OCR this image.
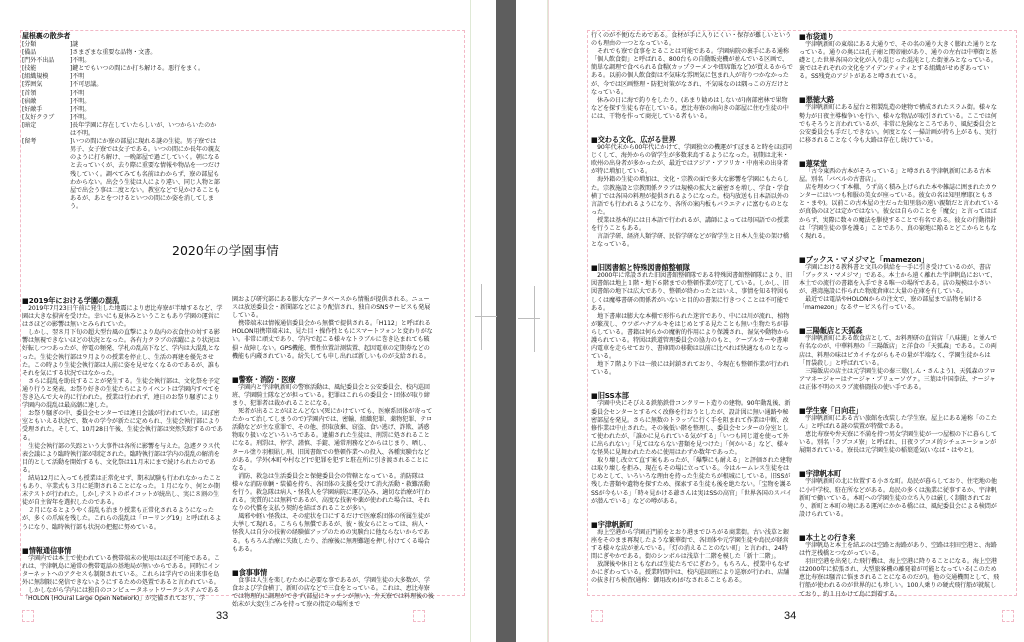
屋根裏の散歩者
[分類	]謎
[備品	]さまざまな重要な品物・文書。
[門外不出品	]不明。
[技能	]鍵とでもいつの間にか打ち解ける。悪行をまく。
[組織規模	]不明
[雰囲気	]不可思議。
[首領	]不明
[宿敵	]不明。
[好敵手	]不明。
[友好クラブ	]不明。
[暗定	]長年学園に存在していたらしいが、いつからいたのかは不明。
[留考	]いつの間にか寮の部屋に現れる謎の生徒。男子寮では男子、女子寮では女子である。いつの間にか長年の親友のように打ち解け、一晩部屋で過ごしていく。朝になると去っていくが、去り際に重要な情報や物品を一つだけ残していく。調べてみても名前はわからず、寮の部屋もわからない。出会う生徒は人により違い、同じ人物と部屋で出会う事は二度とない。教室などで見かけることもあるが、あとをつけるといつの間にか姿を消してしまう。
2020年の学園事情
■2019年における学園の混乱

2019年7月23日午前に発生した地震により恵比寿寮が半壊するなど、学園は大きな損害を受けた。幸いにも夏休みということもあり学園の運営にはさほどの影響は無いとみられていた。

しかし、翌８月下旬の超大型台風の直撃により島内の衣食住の対する影響は無視できないほどの状況となった。各有力クラブの活躍により状況は好転しつつあったが、停電の頻発、学札の乱高下など、学内は大混乱となった。生徒会執行部は９月よりの授業を停止し、生活の再建を優先させた。この時より生徒会執行部は人前に姿を見せなくなるのであるが、誰もそれを気にする状況ではなかった。

さらに混乱を助長することが発生する。生徒会執行部は、文化祭を予定通り行うと発表。お祭り好きの生徒たちによりイベントは学園内すべてを巻き込んで大々的に行われた。授業は行われず、連日のお祭り騒ぎにより学園内の混乱は最高潮に達した。

お祭り騒ぎの中、委員会センターでは連日会議が行われていた。ほぼ密室ともいえる状況で、数々の学令が新たに定められ、生徒会執行部により受理された。そして、10月28日午後、生徒会執行部は突然失踪するのである。

生徒会執行部の失踪という大事件は各所に影響を与えた。急遽クラス代表会議により臨時執行部が制定された。臨時執行部は学内の混乱の解消を目的として活動を開始するも、文化祭は11月末にまで続けられたのである。

結局12月に入っても授業は正常化せず、期末試験も行われなかったこともあり、卒業式も３月に延期されることになった。１月になり、何とか期末テストが行われた。しかしテストのボイコットが続出し、実に８割の生徒が自主留年を選択したのである。

２月になるとようやく混乱も治まり授業も正常化されるようになったが、多くの爪痕を残した。これらの混乱は「ローリング19」と呼ばれるようになり、臨時執行部も状況の把握に努めている。

■情報通信事情

学園内では本土で使われている携帯端末の使用はほぼ不可能である。これは、宇津帆島に通常の携帯電話の基地局が無いからである。同時にインターネットへのアクセスも制限されている。これらは学内での出来事を島外に無制限に発信できないようにするための処置であると言われている。

しかしながら学内には独自のコンピュータネットワークシステムである「HOLON (HOural Large Open Network)」が完備されており、学

園および研究部にある膨大なデータベースから情報が提供される。ニュースは放送委員会・新聞部などにより配信され、独自のSNSサービスも発展している。

携帯端末は情報通信委員会から無償で提供される。「H112」と呼ばれるHOLON用携帯端末は、見た目・操作性ともにスマートフォンと変わりがない。非常に頑丈であり、学内で起こる様々なトラブルに巻き込まれても破損・故障しない。GPS機能、慣性位置計測装置、起因電車の定期券などの機能も内蔵されている。紛失しても申し出れば新しいものが支給される。

■警察・消防・医療

学園内と宇津帆新町の警察活動は、風紀委員会と公安委員会、校内巡回班、学園騎士隊などが担っている。犯罪はこれらの委員会・団体が取り締まり、犯罪者は裁かれることになる。

死者が出ることがほとんどない(死にかけていても、医療系団体が寄ってたかって治してしまうので)学園内では、密輸、組織犯罪、薬物犯罪、テロ活動などが主な重罪で、その他、摂取放棄、窃盗、食い逃げ、詐欺、誘惑物取り扱いなどいろいろである。逮捕された生徒は、刑罰に処されることになる。刑罰は、停学、謹慎、手錠、通常刑務などからはじまり、晒し、タール塗り羽根貼し刑、旧図書館での整頓作業への投入、各種実験台などがある。学外(本町や村など)で犯罪を犯すと駐在所に引き渡されることになる。

消防、救急は生活委員会と保健委員会の管轄となっている。消防隊は様々な消防車輌・装備を持ち、各団体の支援を受けて消火活動・救難活動を行う。救急隊は病人・怪我人を学園病院に運び込み、適切な治療が行われる。実質的には無料であるが、高度な技術や薬が使われた場合は、それなりの代償を支払う契約を結ばされることが多い。

風邪や軽い怪我は、その症状を口にするだけで医療系団体の所属生徒が大挙して現れる。こちらも無償であるが、彼・彼女らにとっては、病人・怪我人は自分の技術の経験値アップのための実験台に他ならないからである。もちろん治療に失敗したり、治療後に無理難題を押し付けてくる場合もある。

■食事事情

食事は人生を楽しむために必要な事であるが、学園生徒の大多数が、学食および学食横丁、新町の店などで三食をとっている。これは、恵比寿寮では物理的に調理ができず(部屋にキッチンが無い)、弁天寮では料理後の後始末が大変(生ごみを持って寮の指定の場所まで

33

行くのが不便)なためである。食材が手に入りにくい・保存が難しいというのも理由の一つとなっている。

それでも寮で食事をとることは可能である。学園病院の裏手にある通称「個人飲食街」と呼ばれる、800台もの自動販売機が並んでいる区画で、簡単な調理で食べられる食糧(カップラーメンや即席飯など)が買えるからである。以前の個人飲食街は不気味な雰囲気に包まれ人が寄りつかなかったが、今では区画整理・防犯対策がなされ、不気味なのは隅っこの方だけとなっている。

休みの日に海で釣りをしたり、(あまり勧めはしないが)南部密林で果物などを探す生徒も存在している。恵比寿寮の南向きの部屋に住む生徒の中には、干物を作って商売している者もいる。

■交わる文化、広がる世界

90年代末から00年代にかけて、学園独立の機運がすぼまると時をほぼ同じくして、海外からの留学生が多数来島するようになった。初期は北米・欧州の出身者が多かったが、最近ではアジア・アフリカ・中南米の出身者が特に増加している。

海外籍の生徒の増加は、文化・宗教の面で多大な影響を学園にもたらした。宗教施設と宗教関係クラブは規模の拡大と厳密さを増し、学食・学食横丁では各国の料理が提供されるようになった。校内放送も日本語以外の言語でも行われるようになり、各所の案内板もバラエティに富むものとなった。

授業は基本的には日本語で行われるが、講師によっては母国語での授業を行うこともある。

言語学研、経済人類学研、民俗学研などが留学生と日本人生徒の架け橋となっている。

■旧図書館と特殊図書館整頓隊

2000年に常設された旧図書館整頓隊である特殊図書館整頓隊により、旧図書館は地上１階・地下６階までの整頓作業が完了している。しかし、旧図書館の地下は広大であり、整頓が終わったとはいえ、事情を知る特図もしくは魔導書研の関係者がいないと目的の書架に行きつくことは不可能である。

地下書庫は膨大な本棚で形作られた迷宮であり、中には川が流れ、植物が繁茂し、ウツボハナアルキをはじめとする見たことも無い生物たちが暮らしている。書籍は何らかの魔術的作用により保護され、湿気や動物から護られている。特図は鉄道管理委員会の協力のもと、ケーブルカーや書庫内電車を走らせており、書庫間の移動は以前に比べれば快適なものとなっている。

地下７階より下は一般には封鎖されており、今現在も整頓作業が行われている。

■旧SS本部

学園中央にそびえる鉄筋鉄骨コンクリート造りの建物。90年動乱後、新委員会センターとするべく改修を行おうとしたが、設計図に無い通路や秘密部屋を発見。さらに無数のトラップに行く手を阻まれて作業は中断、改修作業は中止された。その後低い階を整理し、委員会センターの分室として使われたが、「誰かに見られている気がする」「いつも同じ道を使って外に出られない」「見てはならない書類を見つけた」「何かいる」など、様々な怪異に見舞われたために使用はわずか数年であった。

取り壊し改立て直す案もあったが、「爆撃にも耐える」と評価された建物は取り壊しを拒み、現在もその場に立っている。今はルームレス生徒をはじめとして、いろいろな理由を持った生徒たちが根城にしている。旧SSが残した書類や遺物を探すため、探索する生徒も後を絶たない。「宝物を護るSSが今もいる」「時々見かける爺さんは実はSSの高官」「世界各国のスパイが潜んでいる」などの噂がある。

■宇津帆新町

海上空港から学園正門前をとおり港までひろがる商業街。古い浅草と銀座をそのまま再現したような繁華街で、各団体や元学園生徒や島民が経営する様々な店が並んでいる。「灯の消えることのない町」と言われ、24時間にぎやかである。街のシンボルは浅草十二階を模した「新十二階」。

放課後や休日ともなれば生徒たちでにぎわう。もちろん、授業中もなぜかにぎわっている。授業時間中は、校内巡回班により巡察が行われ、店舗の抜き打ち検査(通称：御用改め)がなされることもある。

■布袋通り

宇津帆新町の東端にある大通りで、その名の通り大きく膨れた通りとなっている。通りの奥には孔子廟と関帝廟があり、通りの左右は中華街と基礎とした世界各国の文化が入り混じった混沌とした街並みとなっている。裏ではそれぞれの文化をアイデンティティとする組織がせめぎあっている。SS残党のアジトがあると噂されている。

■悪徳大路

宇津帆新町にある屋台と粗製乱造の建物で構成されたスラム街。様々な勢力が日夜主導権争いを行い、様々な物品が取引されている。ここでは何でもそろうと言われているが、非常に危険なところであり、風紀委員会と公安委員会も手だしできない。何度となく一掃計画が持ち上がるも、実行に移されることなく今も大路は存在し続けている。

■蓮栞堂

「古今東西の古本がそろっている」と噂される宇津帆新町にある古本屋。別名「バベルの古書店」。

店を埋めつくす本棚、うず高く積み上げられた本や雑誌に囲まれたカウンターにはいつも和服の美女が座っている。彼女の名は知里摩耶(ともさと・まや)。以前この古本屋の主だった知里翁の遠い親類だと言われているが真偽のほどは定かではない。彼女は自らのことを「魔女」と言ってはばからず、実際に数々の魔法を駆使することで有名である。彼女の行動指針は「学園生徒の事を護る」ことであり、真の窮地に陥るとどこからともなく現れる。

■ブックス・マメジマと「mamezon」

学園における教科書と文具の供給を一手に引き受けているのが、書店「ブックス・マメジマ」である。本土から遠く離れた宇津帆島において、本土での流行の書籍を入手できる唯一の場所である。店の規模は小さいが、港湾施設に作られた物流倉庫に大量の在庫を有している。

最近では電話やHOLONからの注文で、寮の部屋まで品物を届ける「mamezon」なるサービスも行っている。

■三陽飯店と天狐森

宇津帆新町にある飲食店として、お料理研の直営店「八味闇」と並んで有名なのが、中華料理の「三陽飯店」と洋食の「天狐森」である。この両店は、料理の味はピカイチながらもその量が半端なく、学園生徒からは「胃袋殺し」と呼ばれている。

三陽飯店の店主は元学園生徒の秦三葉(しん・さんよう)、天狐森のフロアマネージャーはナージャ・ブリューソヴァ。三葉は中国拳法、ナージャは正体不明のスラブ流格闘技の使い手である。

■学生寮「日向荘」

宇津帆新町にある古い旅館を改装した学生寮。屋上にある通称「のこたん」と呼ばれる謎の装置が特徴である。

恵比寿寮や弁天寮に不満を持つ男女学園生徒が一つ屋根の下に暮らしている。別名「ラブコメ寮」と呼ばれ、日夜ラブコメ的シチュエーションが展開されている。寮長は元学園生徒の稲葉遥気(いなば・はやと)。

■宇津帆本町

宇津帆新町の北に位置する小さな町。島民が暮らしており、住宅地の他に小中学校、駐在所などがある。島民の多くは漁業に従事するか、宇津帆新町で働いている。本町への学園生徒の立ち入りは厳しく制限されており、新町と本町の境にある運河にかかる橋には、風紀委員会による検問が設けられている。

■本土との行き来

宇津帆島と本土を結ぶのは空路と海路があり、空路は羽田空港と、海路は竹芝桟橋とつながっている。

羽田空港を出発した飛行機は、海上空港に降りることになる。海上空港は2000年に拡張され、大型旅客機の離発着が可能となっている(このため恵比寿寮は騒音に悩まされることになるのだが)。他の交通機関として、飛行船が使われるのが世界的にも珍しい。100人乗りの硬式飛行船が就航しており、約１日かけて島に到着する。

34
